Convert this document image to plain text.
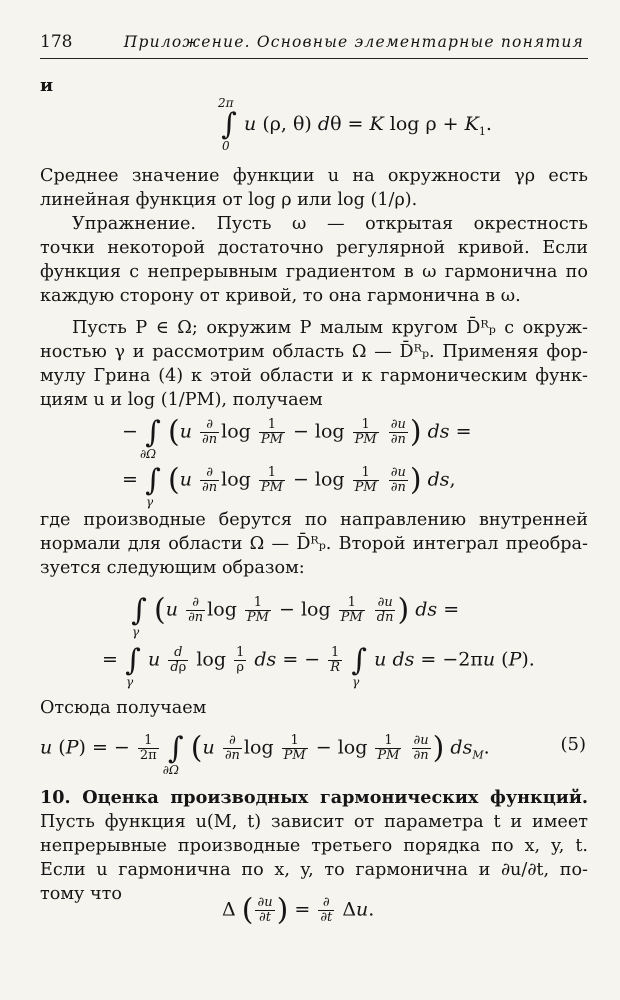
178	Приложение. Основные элементарные понятия
и
∫
2π
0
u (ρ, θ) dθ = K $\log \rho + K_1$.
Среднее значение функции u на окружности γρ есть
линейная функция от log ρ или log (1/ρ).
Упражнение. Пусть ω — открытая окрестность
точки некоторой достаточно регулярной кривой. Если
функция с непрерывным градиентом в ω гармонична по
каждую сторону от кривой, то она гармонична в ω.
Пусть P ∈ Ω; окружим P малым кругом D̄ᴿₚ с окруж-
ностью γ и рассмотрим область Ω — D̄ᴿₚ. Применяя фор-
мулу Грина (4) к этой области и к гармоническим функ-
циям u и log (1/PM), получаем
− ∫
∂Ω
($u \frac{\partial}{\partial n}$ $\log \frac{1}{PM} - \log \frac{1}{PM}$
$\frac{\partial u}{\partial n}$ ) ds =
= ∫
γ
($u \frac{\partial}{\partial n}$ $\log \frac{1}{PM} - \log \frac{1}{PM}$
$\frac{\partial u}{\partial n}$ ) ds,
где производные берутся по направлению внутренней
нормали для области Ω — D̄ᴿₚ. Второй интеграл преобра-
зуется следующим образом:
∫
γ
($u \frac{\partial}{\partial n}$ $\log \frac{1}{PM} - \log \frac{1}{PM}$
$\frac{\partial u}{dn}$ ) ds =
= ∫
γ
u $\frac{d}{d\rho}$ $\log \frac{1}{\rho}$ ds = − $\frac{1}{R}$ ∫
γ
u ds = −2πu (P).
Отсюда получаем
u (P) = − $\frac{1}{2\pi}$ ∫
∂Ω
($u \frac{\partial}{\partial n}$ $\log \frac{1}{PM} - \log \frac{1}{PM}$
$\frac{\partial u}{\partial n}$ ) $ds_M$.	(5)
10. Оценка производных гармонических функций.
Пусть функция u(M, t) зависит от параметра t и имеет
непрерывные производные третьего порядка по x, y, t.
Если u гармонична по x, y, то гармонична и ∂u/∂t, по-
тому что
Δ ( $\frac{\partial u}{\partial t}$ ) = $\frac{\partial}{\partial t} \Delta u$.
